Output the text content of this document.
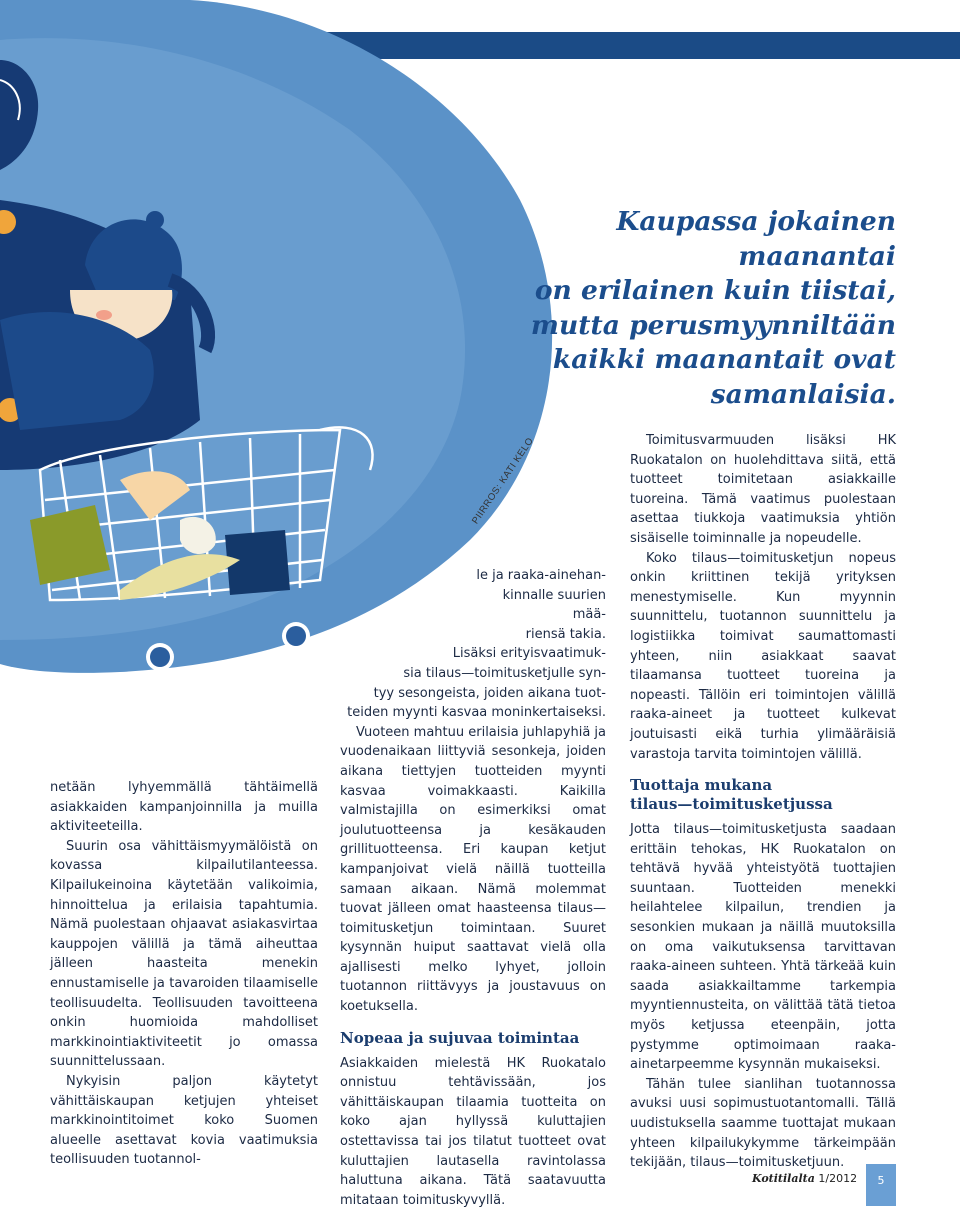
Kaupassa jokainen maanantai
on erilainen kuin tiistai,
mutta perusmyynniltään
kaikki maanantait ovat
samanlaisia.
PIIRROS: KATI KELO

netään lyhyemmällä tähtäimellä asiakkaiden kampanjoinnilla ja muilla aktiviteeteilla.

Suurin osa vähittäismyymälöistä on kovassa kilpailutilanteessa. Kilpailukeinoina käytetään valikoimia, hinnoittelua ja erilaisia tapahtumia. Nämä puolestaan ohjaavat asiakasvirtaa kauppojen välillä ja tämä aiheuttaa jälleen haasteita menekin ennustamiselle ja tavaroiden tilaamiselle teollisuudelta. Teollisuuden tavoitteena onkin huomioida mahdolliset markkinointiaktiviteetit jo omassa suunnittelussaan.

Nykyisin paljon käytetyt vähittäiskaupan ketjujen yhteiset markkinointitoimet koko Suomen alueelle asettavat kovia vaatimuksia teollisuuden tuotannol-

le ja raaka-ainehan-

kinnalle suurien mää-

riensä takia.

Lisäksi erityisvaatimuk-

sia tilaus—toimitusketjulle syn-

tyy sesongeista, joiden aikana tuot-

teiden myynti kasvaa moninkertaiseksi.

Vuoteen mahtuu erilaisia juhlapyhiä ja vuodenaikaan liittyviä sesonkeja, joiden aikana tiettyjen tuotteiden myynti kasvaa voimakkaasti. Kaikilla valmistajilla on esimerkiksi omat joulutuotteensa ja kesäkauden grillituotteensa. Eri kaupan ketjut kampanjoivat vielä näillä tuotteilla samaan aikaan. Nämä molemmat tuovat jälleen omat haasteensa tilaus—toimitusketjun toimintaan. Suuret kysynnän huiput saattavat vielä olla ajallisesti melko lyhyet, jolloin tuotannon riittävyys ja joustavuus on koetuksella.

Nopeaa ja sujuvaa toimintaa

Asiakkaiden mielestä HK Ruokatalo onnistuu tehtävissään, jos vähittäiskaupan tilaamia tuotteita on koko ajan hyllyssä kuluttajien ostettavissa tai jos tilatut tuotteet ovat kuluttajien lautasella ravintolassa haluttuna aikana. Tätä saatavuutta mitataan toimituskyvyllä.

Toimitusvarmuuden lisäksi HK Ruokatalon on huolehdittava siitä, että tuotteet toimitetaan asiakkaille tuoreina. Tämä vaatimus puolestaan asettaa tiukkoja vaatimuksia yhtiön sisäiselle toiminnalle ja nopeudelle.

Koko tilaus—toimitusketjun nopeus onkin kriittinen tekijä yrityksen menestymiselle. Kun myynnin suunnittelu, tuotannon suunnittelu ja logistiikka toimivat saumattomasti yhteen, niin asiakkaat saavat tilaamansa tuotteet tuoreina ja nopeasti. Tällöin eri toimintojen välillä raaka-aineet ja tuotteet kulkevat joutuisasti eikä turhia ylimääräisiä varastoja tarvita toimintojen välillä.

Tuottaja mukana
tilaus—toimitusketjussa

Jotta tilaus—toimitusketjusta saadaan erittäin tehokas, HK Ruokatalon on tehtävä hyvää yhteistyötä tuottajien suuntaan. Tuotteiden menekki heilahtelee kilpailun, trendien ja sesonkien mukaan ja näillä muutoksilla on oma vaikutuksensa tarvittavan raaka-aineen suhteen. Yhtä tärkeää kuin saada asiakkailtamme tarkempia myyntiennusteita, on välittää tätä tietoa myös ketjussa eteenpäin, jotta pystymme optimoimaan raaka-ainetarpeemme kysynnän mukaiseksi.

Tähän tulee sianlihan tuotannossa avuksi uusi sopimustuotantomalli. Tällä uudistuksella saamme tuottajat mukaan yhteen kilpailukykymme tärkeimpään tekijään, tilaus—toimitusketjuun.

Kotitilalta 1/2012	5
